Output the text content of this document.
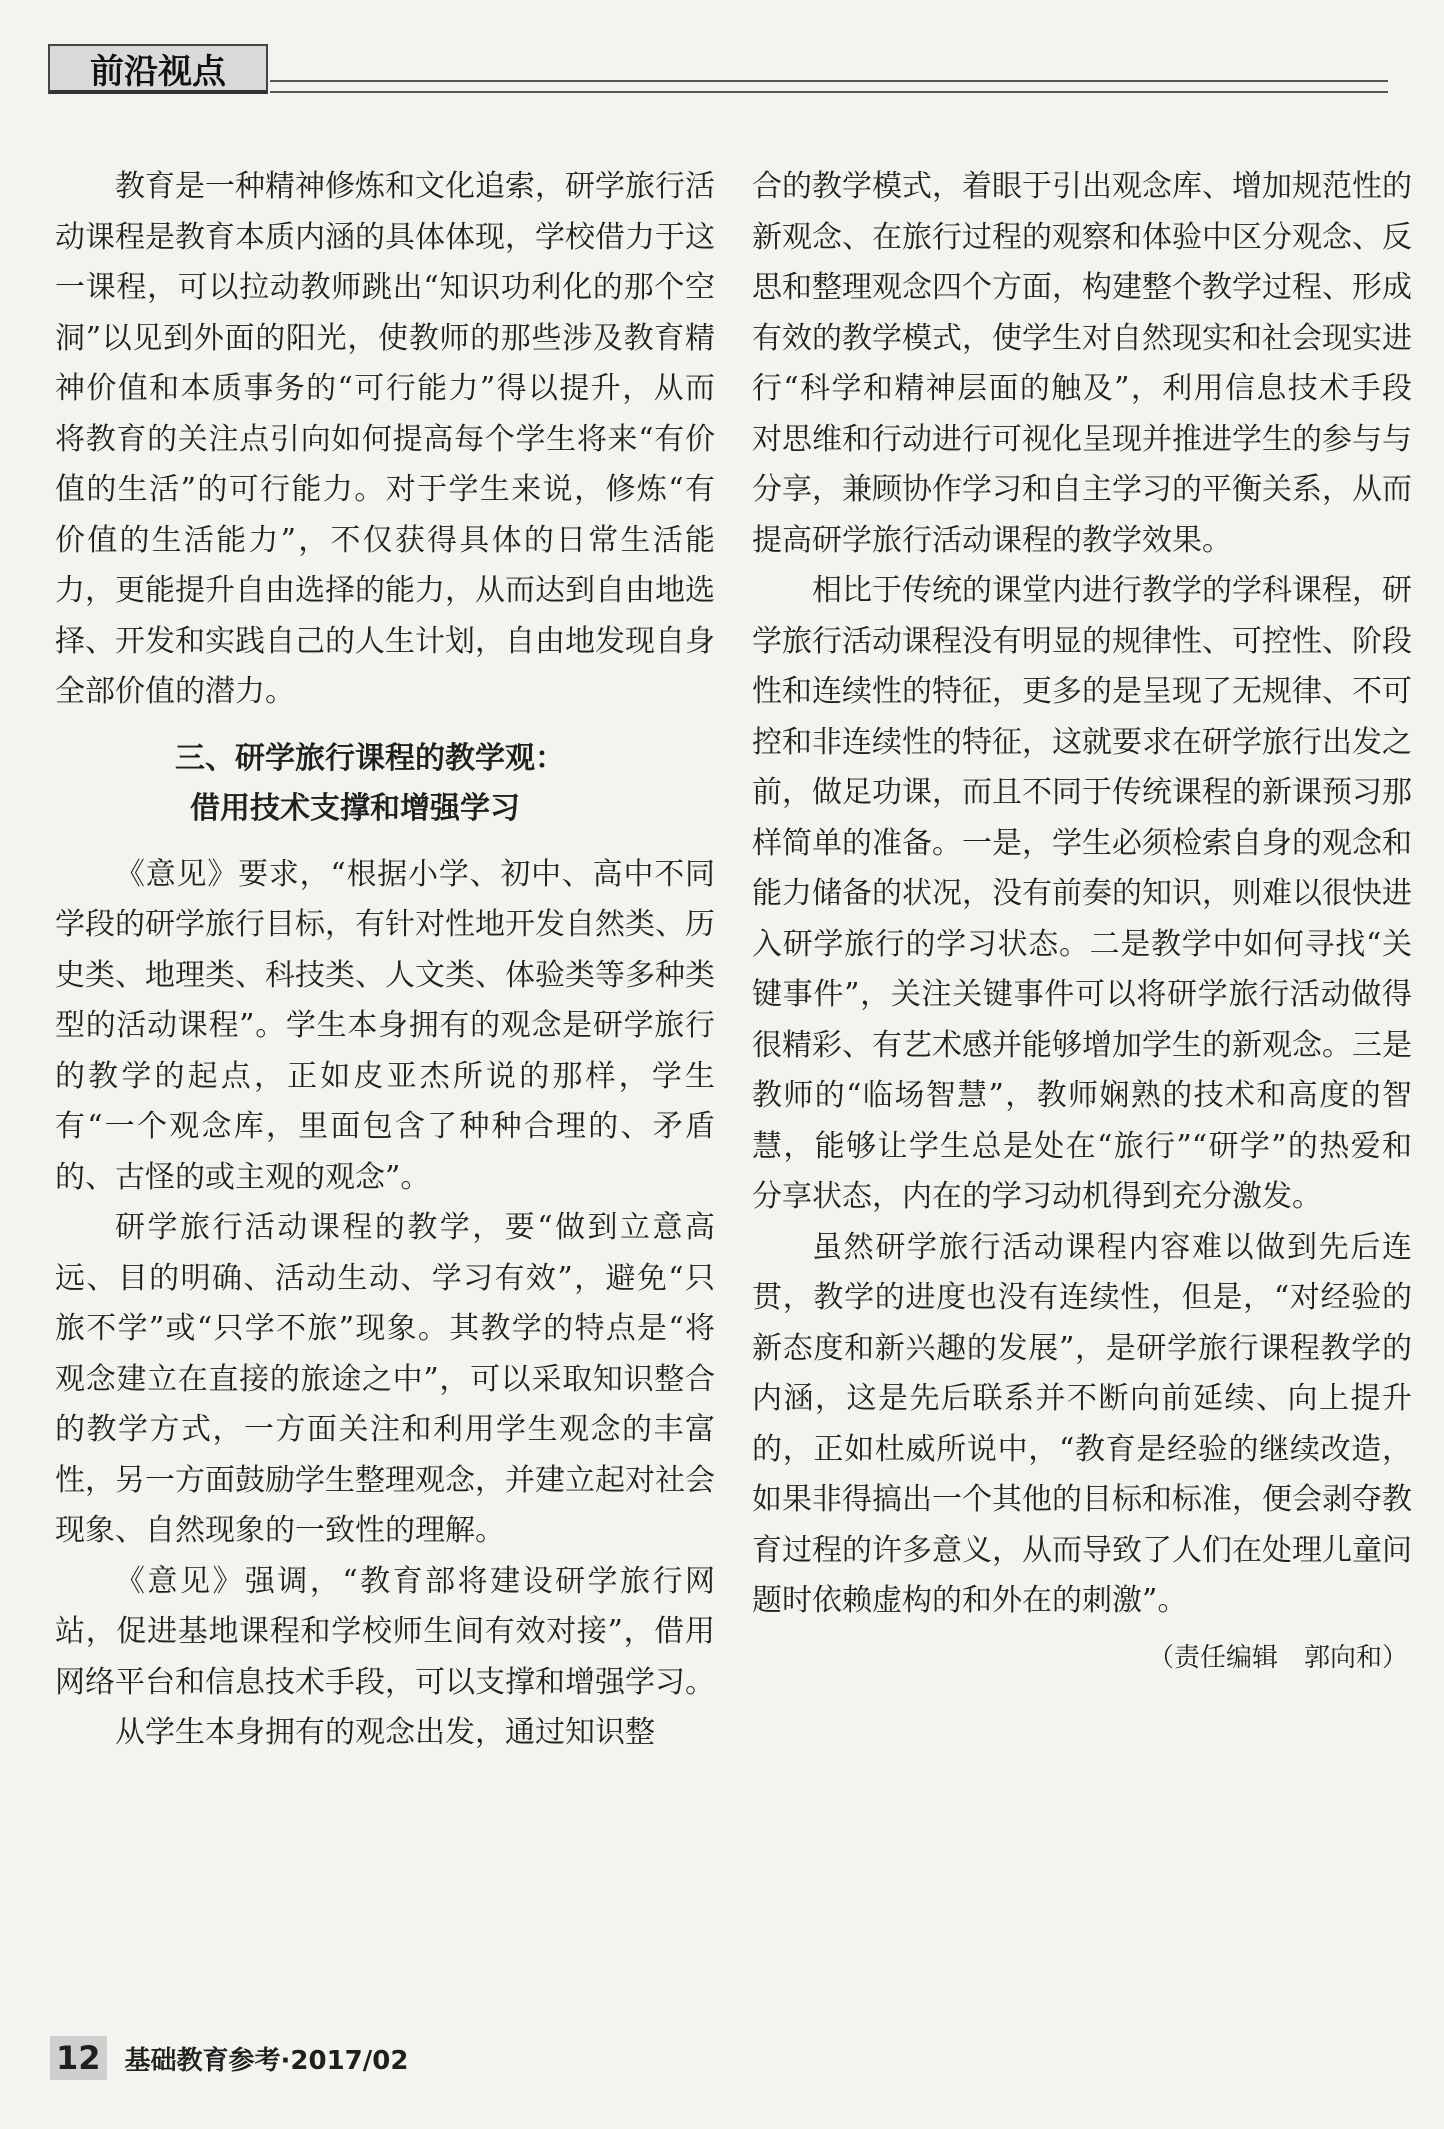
前沿视点

教育是一种精神修炼和文化追索，研学旅行活动课程是教育本质内涵的具体体现，学校借力于这一课程，可以拉动教师跳出“知识功利化的那个空洞”以见到外面的阳光，使教师的那些涉及教育精神价值和本质事务的“可行能力”得以提升，从而将教育的关注点引向如何提高每个学生将来“有价值的生活”的可行能力。对于学生来说，修炼“有价值的生活能力”，不仅获得具体的日常生活能力，更能提升自由选择的能力，从而达到自由地选择、开发和实践自己的人生计划，自由地发现自身全部价值的潜力。

三、研学旅行课程的教学观：
借用技术支撑和增强学习

《意见》要求，“根据小学、初中、高中不同学段的研学旅行目标，有针对性地开发自然类、历史类、地理类、科技类、人文类、体验类等多种类型的活动课程”。学生本身拥有的观念是研学旅行的教学的起点，正如皮亚杰所说的那样，学生有“一个观念库，里面包含了种种合理的、矛盾的、古怪的或主观的观念”。

研学旅行活动课程的教学，要“做到立意高远、目的明确、活动生动、学习有效”，避免“只旅不学”或“只学不旅”现象。其教学的特点是“将观念建立在直接的旅途之中”，可以采取知识整合的教学方式，一方面关注和利用学生观念的丰富性，另一方面鼓励学生整理观念，并建立起对社会现象、自然现象的一致性的理解。

《意见》强调，“教育部将建设研学旅行网站，促进基地课程和学校师生间有效对接”，借用网络平台和信息技术手段，可以支撑和增强学习。

从学生本身拥有的观念出发，通过知识整

合的教学模式，着眼于引出观念库、增加规范性的新观念、在旅行过程的观察和体验中区分观念、反思和整理观念四个方面，构建整个教学过程、形成有效的教学模式，使学生对自然现实和社会现实进行“科学和精神层面的触及”，利用信息技术手段对思维和行动进行可视化呈现并推进学生的参与与分享，兼顾协作学习和自主学习的平衡关系，从而提高研学旅行活动课程的教学效果。

相比于传统的课堂内进行教学的学科课程，研学旅行活动课程没有明显的规律性、可控性、阶段性和连续性的特征，更多的是呈现了无规律、不可控和非连续性的特征，这就要求在研学旅行出发之前，做足功课，而且不同于传统课程的新课预习那样简单的准备。一是，学生必须检索自身的观念和能力储备的状况，没有前奏的知识，则难以很快进入研学旅行的学习状态。二是教学中如何寻找“关键事件”，关注关键事件可以将研学旅行活动做得很精彩、有艺术感并能够增加学生的新观念。三是教师的“临场智慧”，教师娴熟的技术和高度的智慧，能够让学生总是处在“旅行”“研学”的热爱和分享状态，内在的学习动机得到充分激发。

虽然研学旅行活动课程内容难以做到先后连贯，教学的进度也没有连续性，但是，“对经验的新态度和新兴趣的发展”，是研学旅行课程教学的内涵，这是先后联系并不断向前延续、向上提升的，正如杜威所说中，“教育是经验的继续改造，如果非得搞出一个其他的目标和标准，便会剥夺教育过程的许多意义，从而导致了人们在处理儿童问题时依赖虚构的和外在的刺激”。

（责任编辑　郭向和）
12 基础教育参考·2017/02
